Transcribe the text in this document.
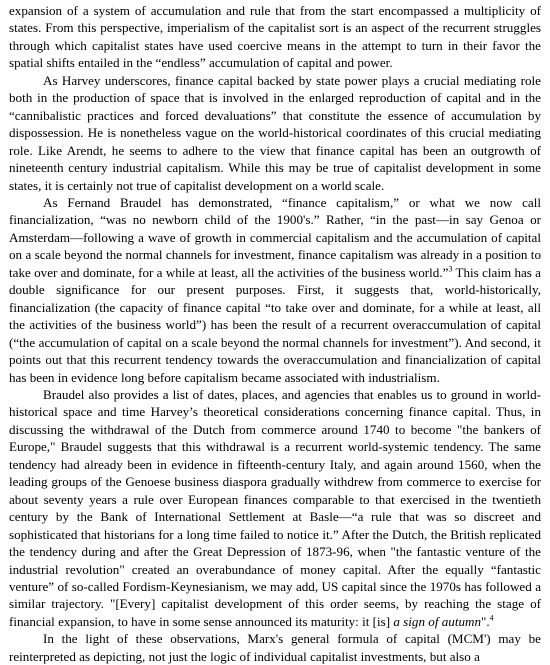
expansion of a system of accumulation and rule that from the start encompassed a multiplicity of states. From this perspective, imperialism of the capitalist sort is an aspect of the recurrent struggles through which capitalist states have used coercive means in the attempt to turn in their favor the spatial shifts entailed in the “endless” accumulation of capital and power.

As Harvey underscores, finance capital backed by state power plays a crucial mediating role both in the production of space that is involved in the enlarged reproduction of capital and in the “cannibalistic practices and forced devaluations” that constitute the essence of accumulation by dispossession. He is nonetheless vague on the world-historical coordinates of this crucial mediating role. Like Arendt, he seems to adhere to the view that finance capital has been an outgrowth of nineteenth century industrial capitalism. While this may be true of capitalist development in some states, it is certainly not true of capitalist development on a world scale.

As Fernand Braudel has demonstrated, “finance capitalism,” or what we now call financialization, “was no newborn child of the 1900's.” Rather, “in the past—in say Genoa or Amsterdam—following a wave of growth in commercial capitalism and the accumulation of capital on a scale beyond the normal channels for investment, finance capitalism was already in a position to take over and dominate, for a while at least, all the activities of the business world.”$^3$ This claim has a double significance for our present purposes. First, it suggests that, world-historically, financialization (the capacity of finance capital “to take over and dominate, for a while at least, all the activities of the business world”) has been the result of a recurrent overaccumulation of capital (“the accumulation of capital on a scale beyond the normal channels for investment”). And second, it points out that this recurrent tendency towards the overaccumulation and financialization of capital has been in evidence long before capitalism became associated with industrialism.

Braudel also provides a list of dates, places, and agencies that enables us to ground in world-historical space and time Harvey’s theoretical considerations concerning finance capital. Thus, in discussing the withdrawal of the Dutch from commerce around 1740 to become "the bankers of Europe," Braudel suggests that this withdrawal is a recurrent world-systemic tendency. The same tendency had already been in evidence in fifteenth-century Italy, and again around 1560, when the leading groups of the Genoese business diaspora gradually withdrew from commerce to exercise for about seventy years a rule over European finances comparable to that exercised in the twentieth century by the Bank of International Settlement at Basle—“a rule that was so discreet and sophisticated that historians for a long time failed to notice it.” After the Dutch, the British replicated the tendency during and after the Great Depression of 1873-96, when "the fantastic venture of the industrial revolution" created an overabundance of money capital. After the equally “fantastic venture” of so-called Fordism-Keynesianism, we may add, US capital since the 1970s has followed a similar trajectory. "[Every] capitalist development of this order seems, by reaching the stage of financial expansion, to have in some sense announced its maturity: it [is] a sign of autumn".$^4$

In the light of these observations, Marx's general formula of capital (MCM') may be reinterpreted as depicting, not just the logic of individual capitalist investments, but also a
